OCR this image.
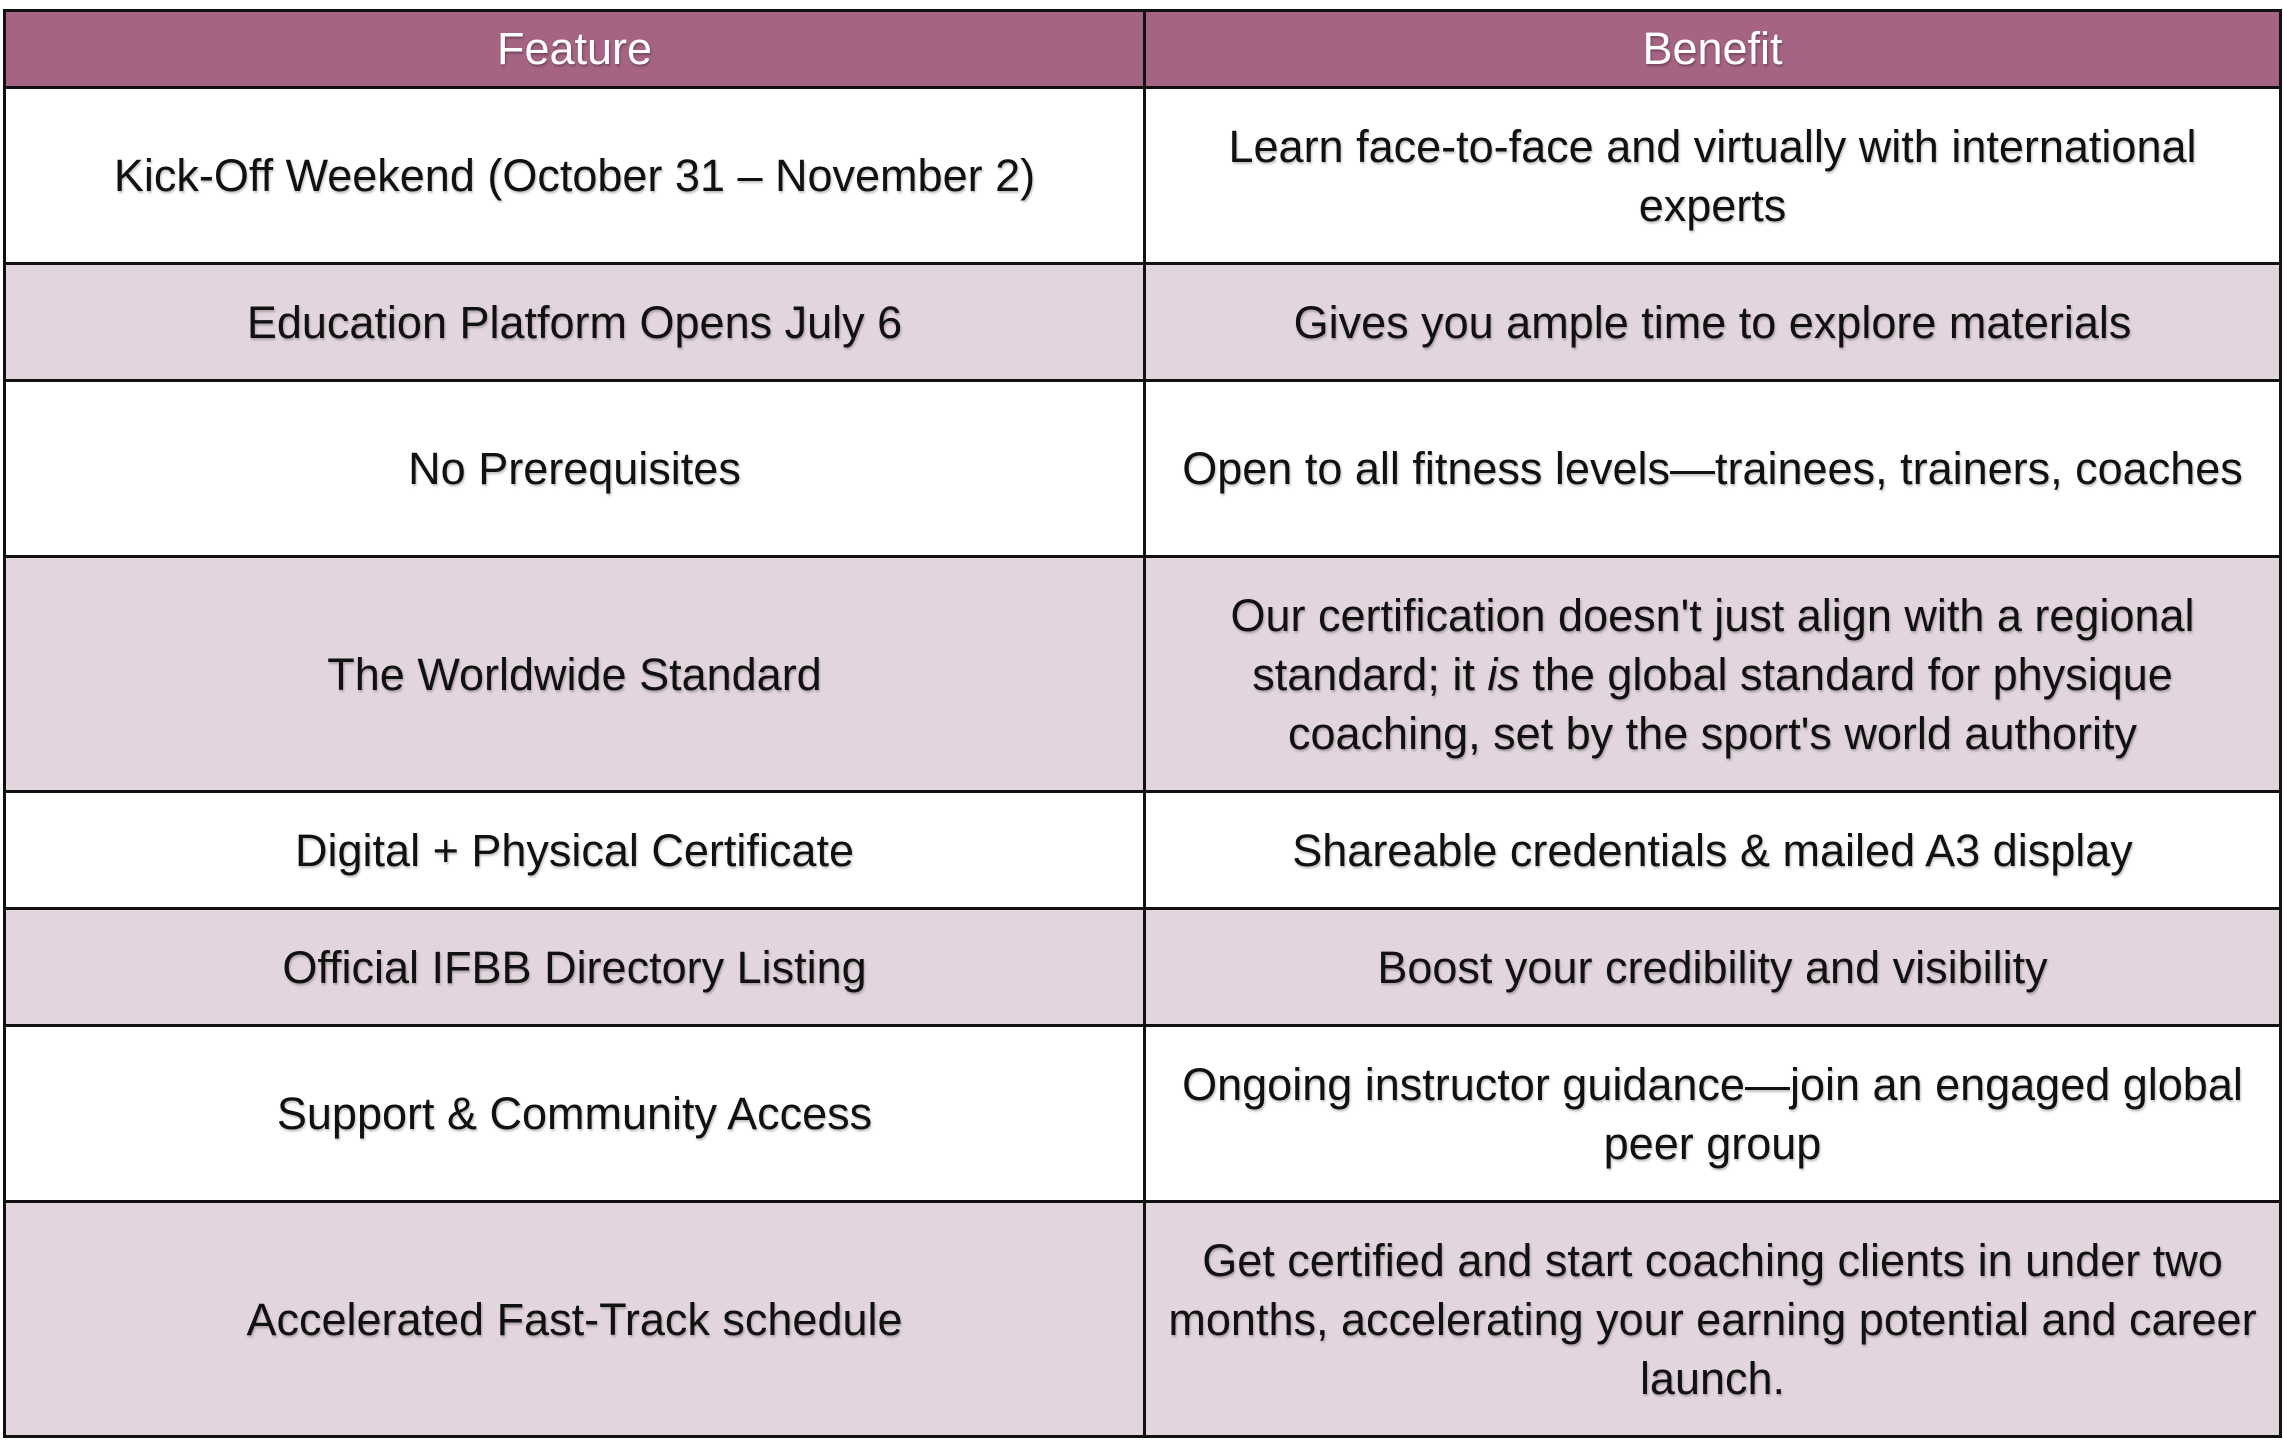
Feature	Benefit
Kick-Off Weekend (October 31 – November 2)	Learn face-to-face and virtually with international experts
Education Platform Opens July 6	Gives you ample time to explore materials
No Prerequisites	Open to all fitness levels—trainees, trainers, coaches
The Worldwide Standard	Our certification doesn't just align with a regional standard; it is the global standard for physique coaching, set by the sport's world authority
Digital + Physical Certificate	Shareable credentials & mailed A3 display
Official IFBB Directory Listing	Boost your credibility and visibility
Support & Community Access	Ongoing instructor guidance—join an engaged global peer group
Accelerated Fast-Track schedule	Get certified and start coaching clients in under two months, accelerating your earning potential and career launch.
